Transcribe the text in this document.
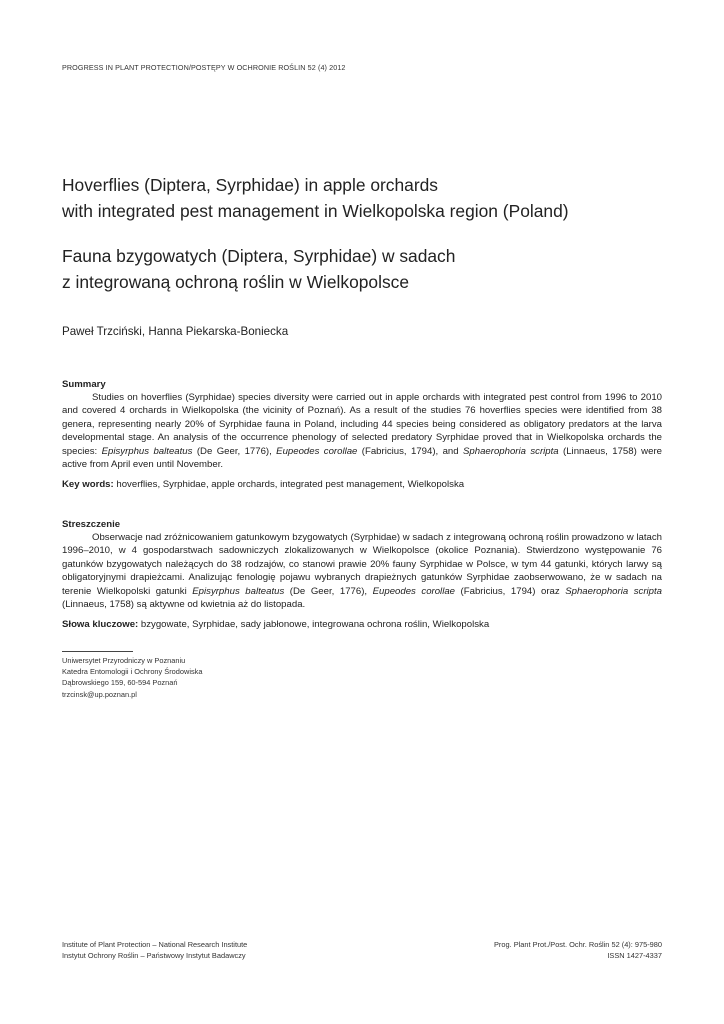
PROGRESS IN PLANT PROTECTION/POSTĘPY W OCHRONIE ROŚLIN 52 (4) 2012
Hoverflies (Diptera, Syrphidae) in apple orchards
with integrated pest management in Wielkopolska region (Poland)
Fauna bzygowatych (Diptera, Syrphidae) w sadach
z integrowaną ochroną roślin w Wielkopolsce
Paweł Trzciński, Hanna Piekarska-Boniecka
Summary

Studies on hoverflies (Syrphidae) species diversity were carried out in apple orchards with integrated pest control from 1996 to 2010 and covered 4 orchards in Wielkopolska (the vicinity of Poznań). As a result of the studies 76 hoverflies species were identified from 38 genera, representing nearly 20% of Syrphidae fauna in Poland, including 44 species being considered as obligatory predators at the larva developmental stage. An analysis of the occurrence phenology of selected predatory Syrphidae proved that in Wielkopolska orchards the species: Episyrphus balteatus (De Geer, 1776), Eupeodes corollae (Fabricius, 1794), and Sphaerophoria scripta (Linnaeus, 1758) were active from April even until November.

Key words: hoverflies, Syrphidae, apple orchards, integrated pest management, Wielkopolska
Streszczenie

Obserwacje nad zróżnicowaniem gatunkowym bzygowatych (Syrphidae) w sadach z integrowaną ochroną roślin prowadzono w latach 1996–2010, w 4 gospodarstwach sadowniczych zlokalizowanych w Wielkopolsce (okolice Poznania). Stwierdzono występowanie 76 gatunków bzygowatych należących do 38 rodzajów, co stanowi prawie 20% fauny Syrphidae w Polsce, w tym 44 gatunki, których larwy są obligatoryjnymi drapieżcami. Analizując fenologię pojawu wybranych drapieżnych gatunków Syrphidae zaobserwowano, że w sadach na terenie Wielkopolski gatunki Episyrphus balteatus (De Geer, 1776), Eupeodes corollae (Fabricius, 1794) oraz Sphaerophoria scripta (Linnaeus, 1758) są aktywne od kwietnia aż do listopada.

Słowa kluczowe: bzygowate, Syrphidae, sady jabłonowe, integrowana ochrona roślin, Wielkopolska
Uniwersytet Przyrodniczy w Poznaniu
Katedra Entomologii i Ochrony Środowiska
Dąbrowskiego 159, 60-594 Poznań
trzcinsk@up.poznan.pl
Institute of Plant Protection – National Research Institute
Instytut Ochrony Roślin – Państwowy Instytut Badawczy
Prog. Plant Prot./Post. Ochr. Roślin 52 (4): 975-980
ISSN 1427-4337
